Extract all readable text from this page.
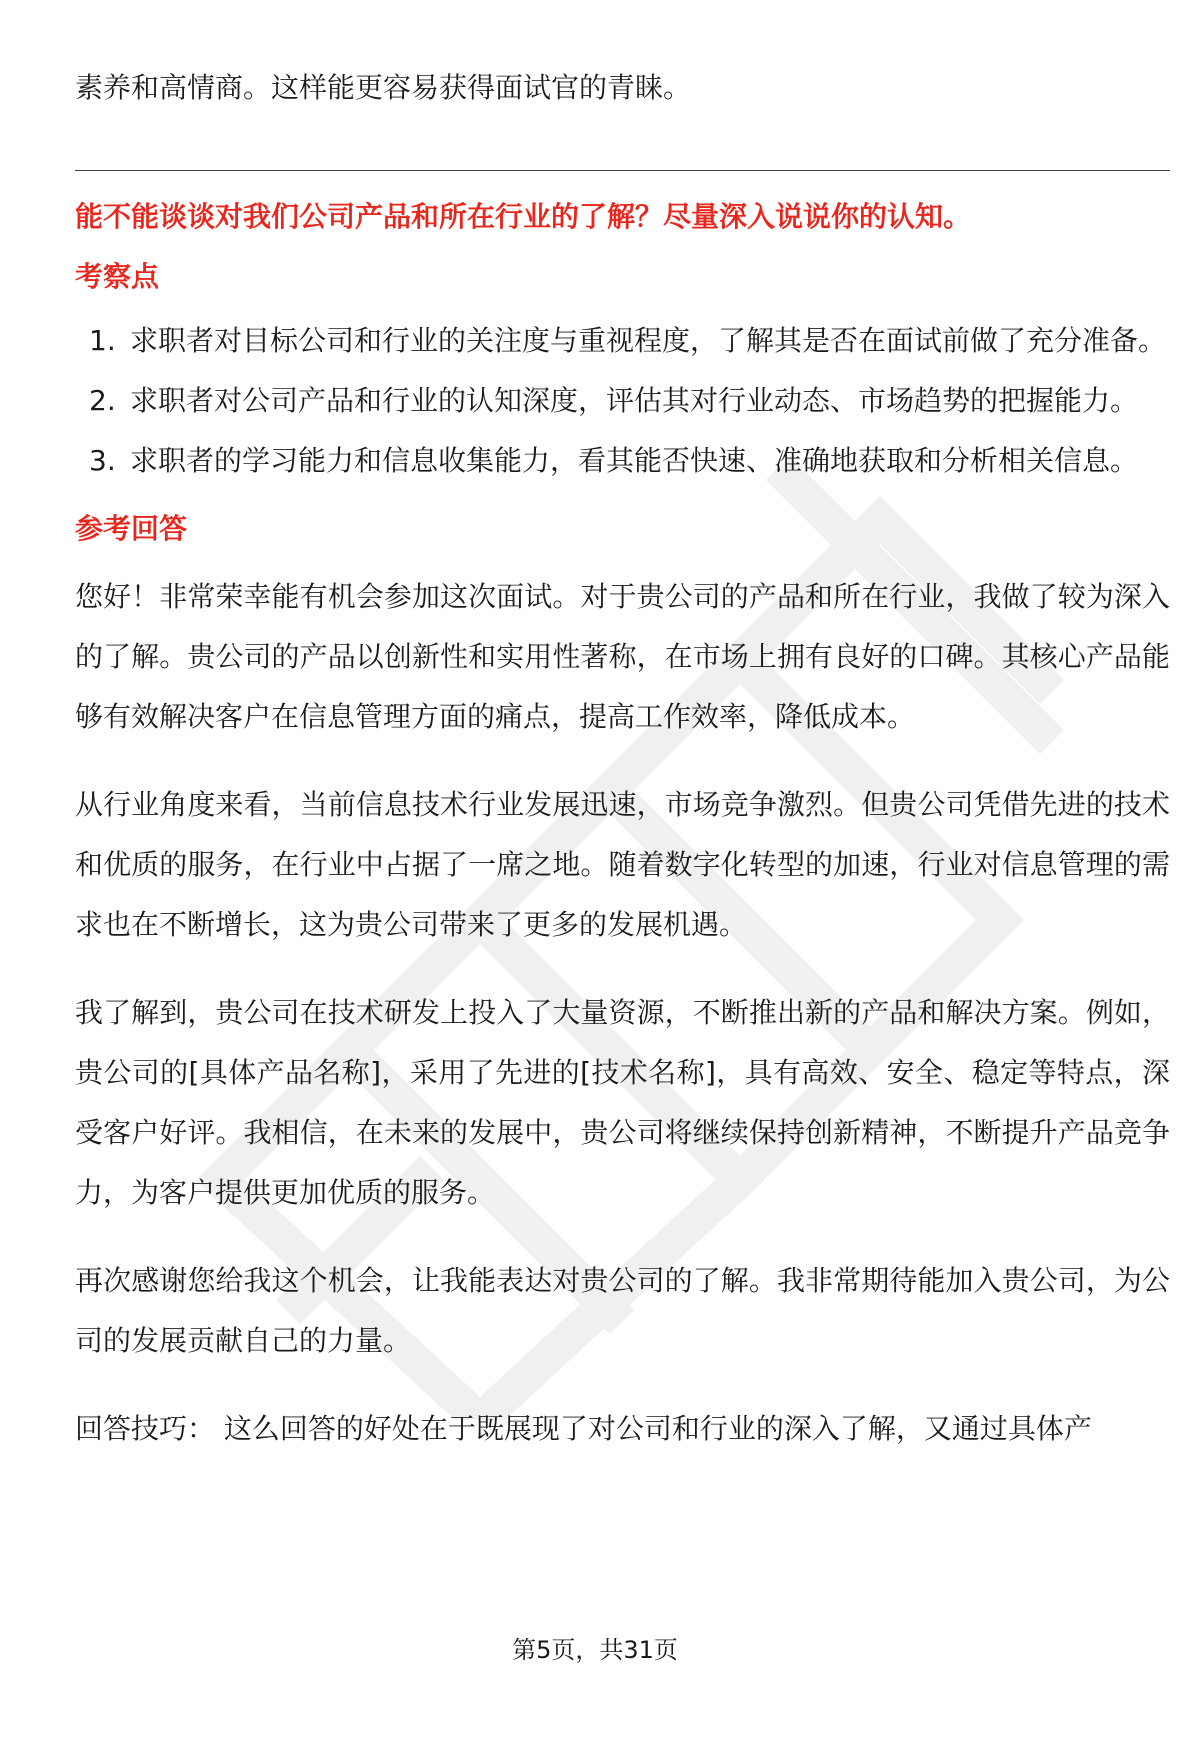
素养和高情商。这样能更容易获得面试官的青睐。

能不能谈谈对我们公司产品和所在行业的了解？尽量深入说说你的认知。

考察点

1. 求职者对目标公司和行业的关注度与重视程度，了解其是否在面试前做了充分准备。
2. 求职者对公司产品和行业的认知深度，评估其对行业动态、市场趋势的把握能力。
3. 求职者的学习能力和信息收集能力，看其能否快速、准确地获取和分析相关信息。

参考回答

您好！非常荣幸能有机会参加这次面试。对于贵公司的产品和所在行业，我做了较为深入的了解。贵公司的产品以创新性和实用性著称，在市场上拥有良好的口碑。其核心产品能够有效解决客户在信息管理方面的痛点，提高工作效率，降低成本。

从行业角度来看，当前信息技术行业发展迅速，市场竞争激烈。但贵公司凭借先进的技术和优质的服务，在行业中占据了一席之地。随着数字化转型的加速，行业对信息管理的需求也在不断增长，这为贵公司带来了更多的发展机遇。

我了解到，贵公司在技术研发上投入了大量资源，不断推出新的产品和解决方案。例如，贵公司的[具体产品名称]，采用了先进的[技术名称]，具有高效、安全、稳定等特点，深受客户好评。我相信，在未来的发展中，贵公司将继续保持创新精神，不断提升产品竞争力，为客户提供更加优质的服务。

再次感谢您给我这个机会，让我能表达对贵公司的了解。我非常期待能加入贵公司，为公司的发展贡献自己的力量。

回答技巧： 这么回答的好处在于既展现了对公司和行业的深入了解，又通过具体产

第5页，共31页
